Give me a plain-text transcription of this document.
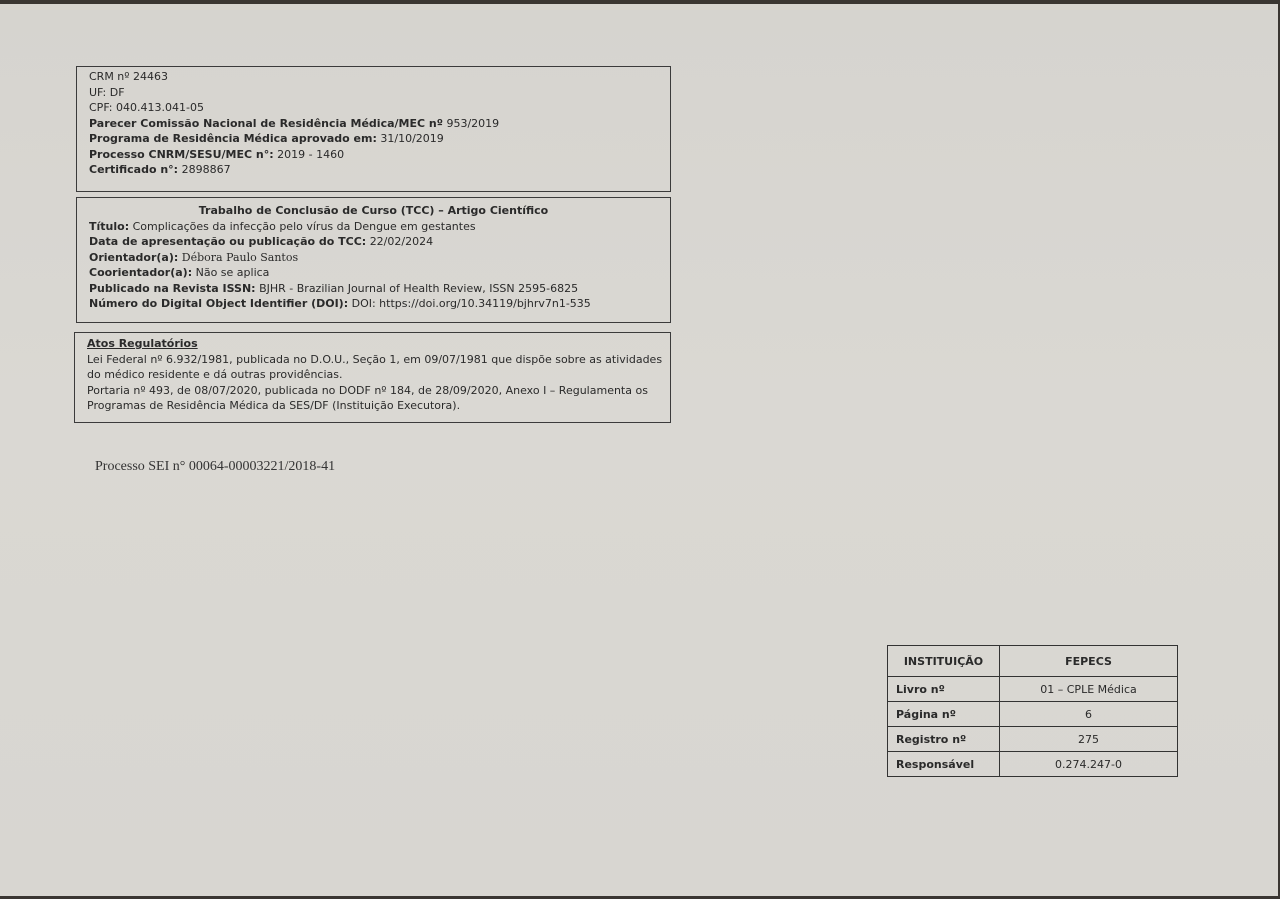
CRM nº 24463
UF: DF
CPF: 040.413.041-05
Parecer Comissão Nacional de Residência Médica/MEC nº 953/2019
Programa de Residência Médica aprovado em: 31/10/2019
Processo CNRM/SESU/MEC n°: 2019 - 1460
Certificado n°: 2898867
Trabalho de Conclusão de Curso (TCC) – Artigo Científico
Título: Complicações da infecção pelo vírus da Dengue em gestantes
Data de apresentação ou publicação do TCC: 22/02/2024
Orientador(a): Débora Paulo Santos
Coorientador(a): Não se aplica
Publicado na Revista ISSN: BJHR - Brazilian Journal of Health Review, ISSN 2595-6825
Número do Digital Object Identifier (DOI): DOI: https://doi.org/10.34119/bjhrv7n1-535
Atos Regulatórios
Lei Federal nº 6.932/1981, publicada no D.O.U., Seção 1, em 09/07/1981 que dispõe sobre as atividades
do médico residente e dá outras providências.
Portaria nº 493, de 08/07/2020, publicada no DODF nº 184, de 28/09/2020, Anexo I – Regulamenta os
Programas de Residência Médica da SES/DF (Instituição Executora).
Processo SEI n° 00064-00003221/2018-41
INSTITUIÇÃO	FEPECS
Livro nº	01 – CPLE Médica
Página nº	6
Registro nº	275
Responsável	0.274.247-0
